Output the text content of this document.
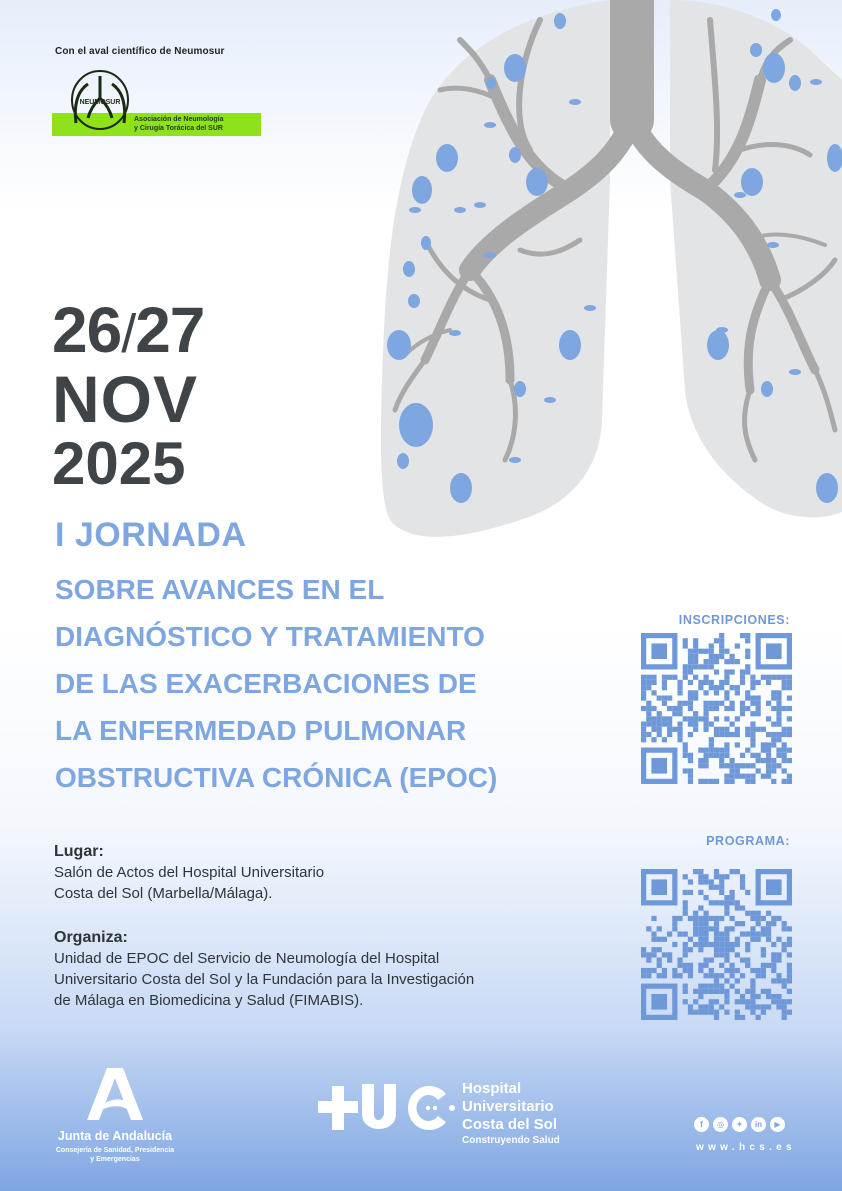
Con el aval científico de Neumosur
NEUMOSUR
Asociación de Neumología
y Cirugía Torácica del SUR
26/27
NOV
2025
I JORNADA
SOBRE AVANCES EN EL
DIAGNÓSTICO Y TRATAMIENTO
DE LAS EXACERBACIONES DE
LA ENFERMEDAD PULMONAR
OBSTRUCTIVA CRÓNICA (EPOC)
INSCRIPCIONES:
PROGRAMA:
Lugar:
Salón de Actos del Hospital Universitario
Costa del Sol (Marbella/Málaga).
Organiza:
Unidad de EPOC del Servicio de Neumología del Hospital
Universitario Costa del Sol y la Fundación para la Investigación
de Málaga en Biomedicina y Salud (FIMABIS).
Junta de Andalucía
Consejería de Sanidad, Presidencia
y Emergencias
Hospital
Universitario
Costa del Sol
Construyendo Salud
f	◎	✦	in	▶
www.hcs.es
